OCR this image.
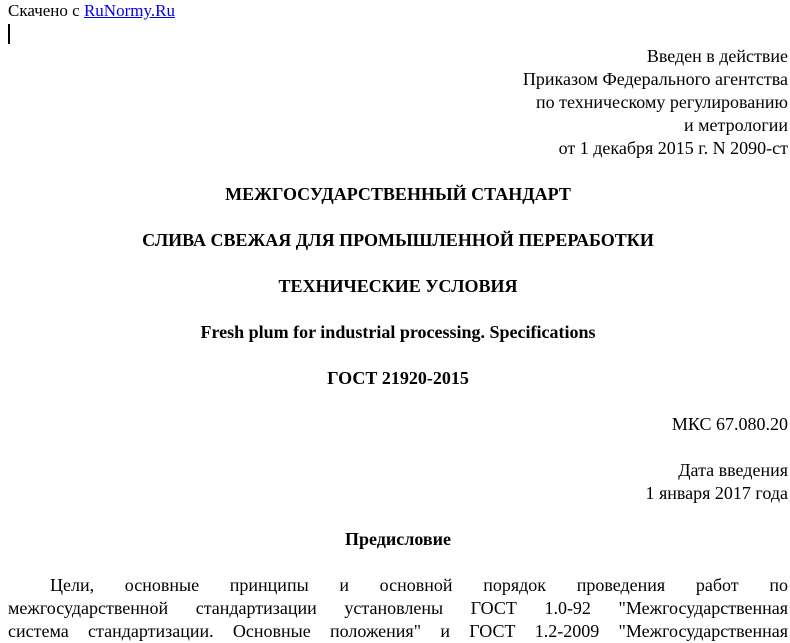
Скачено с RuNormy.Ru
Введен в действие
Приказом Федерального агентства
по техническому регулированию
и метрологии
от 1 декабря 2015 г. N 2090-ст
МЕЖГОСУДАРСТВЕННЫЙ СТАНДАРТ
СЛИВА СВЕЖАЯ ДЛЯ ПРОМЫШЛЕННОЙ ПЕРЕРАБОТКИ
ТЕХНИЧЕСКИЕ УСЛОВИЯ
Fresh plum for industrial processing. Specifications
ГОСТ 21920-2015
МКС 67.080.20
Дата введения
1 января 2017 года
Предисловие
Цели, основные принципы и основной порядок проведения работ по
межгосударственной стандартизации установлены ГОСТ 1.0-92 "Межгосударственная
система стандартизации. Основные положения" и ГОСТ 1.2-2009 "Межгосударственная
